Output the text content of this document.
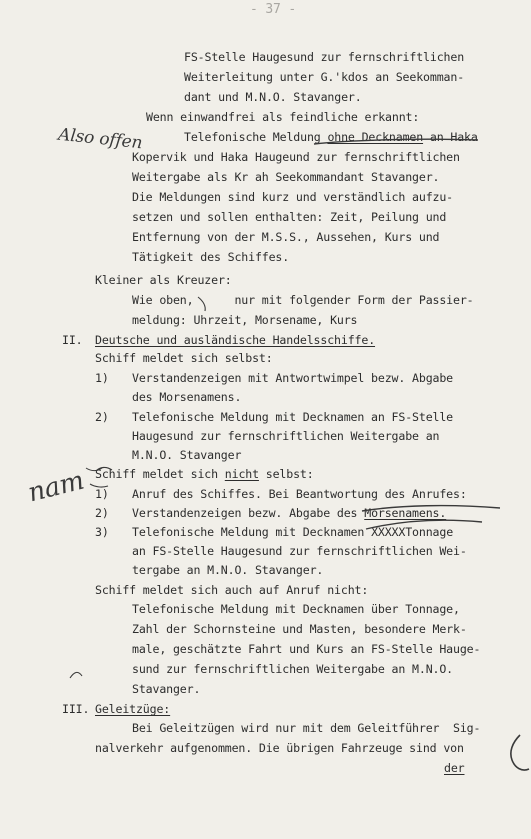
- 37 -
FS-Stelle Haugesund zur fernschriftlichen
Weiterleitung unter G.'kdos an Seekomman-
dant und M.N.O. Stavanger.
Wenn einwandfrei als feindliche erkannt:
Telefonische Meldung ohne Decknamen an Haka
Kopervik und Haka Haugeund zur fernschriftlichen
Weitergabe als Kr ah Seekommandant Stavanger.
Die Meldungen sind kurz und verständlich aufzu-
setzen und sollen enthalten: Zeit, Peilung und
Entfernung von der M.S.S., Aussehen, Kurs und
Tätigkeit des Schiffes.
Kleiner als Kreuzer:
Wie oben,      nur mit folgender Form der Passier-
meldung: Uhrzeit, Morsename, Kurs
II. Deutsche und ausländische Handelsschiffe.
Schiff meldet sich selbst:
1) Verstandenzeigen mit Antwortwimpel bezw. Abgabe
des Morsenamens.
2) Telefonische Meldung mit Decknamen an FS-Stelle
Haugesund zur fernschriftlichen Weitergabe an
M.N.O. Stavanger
Schiff meldet sich nicht selbst:
1) Anruf des Schiffes. Bei Beantwortung des Anrufes:
2) Verstandenzeigen bezw. Abgabe des Morsenamens.
3) Telefonische Meldung mit Decknamen XXXXXTonnage
an FS-Stelle Haugesund zur fernschriftlichen Wei-
tergabe an M.N.O. Stavanger.
Schiff meldet sich auch auf Anruf nicht:
Telefonische Meldung mit Decknamen über Tonnage,
Zahl der Schornsteine und Masten, besondere Merk-
male, geschätzte Fahrt und Kurs an FS-Stelle Hauge-
sund zur fernschriftlichen Weitergabe an M.N.O.
Stavanger.
III. Geleitzüge:
Bei Geleitzügen wird nur mit dem Geleitführer  Sig-
nalverkehr aufgenommen. Die übrigen Fahrzeuge sind von
der
Also offen
nam
